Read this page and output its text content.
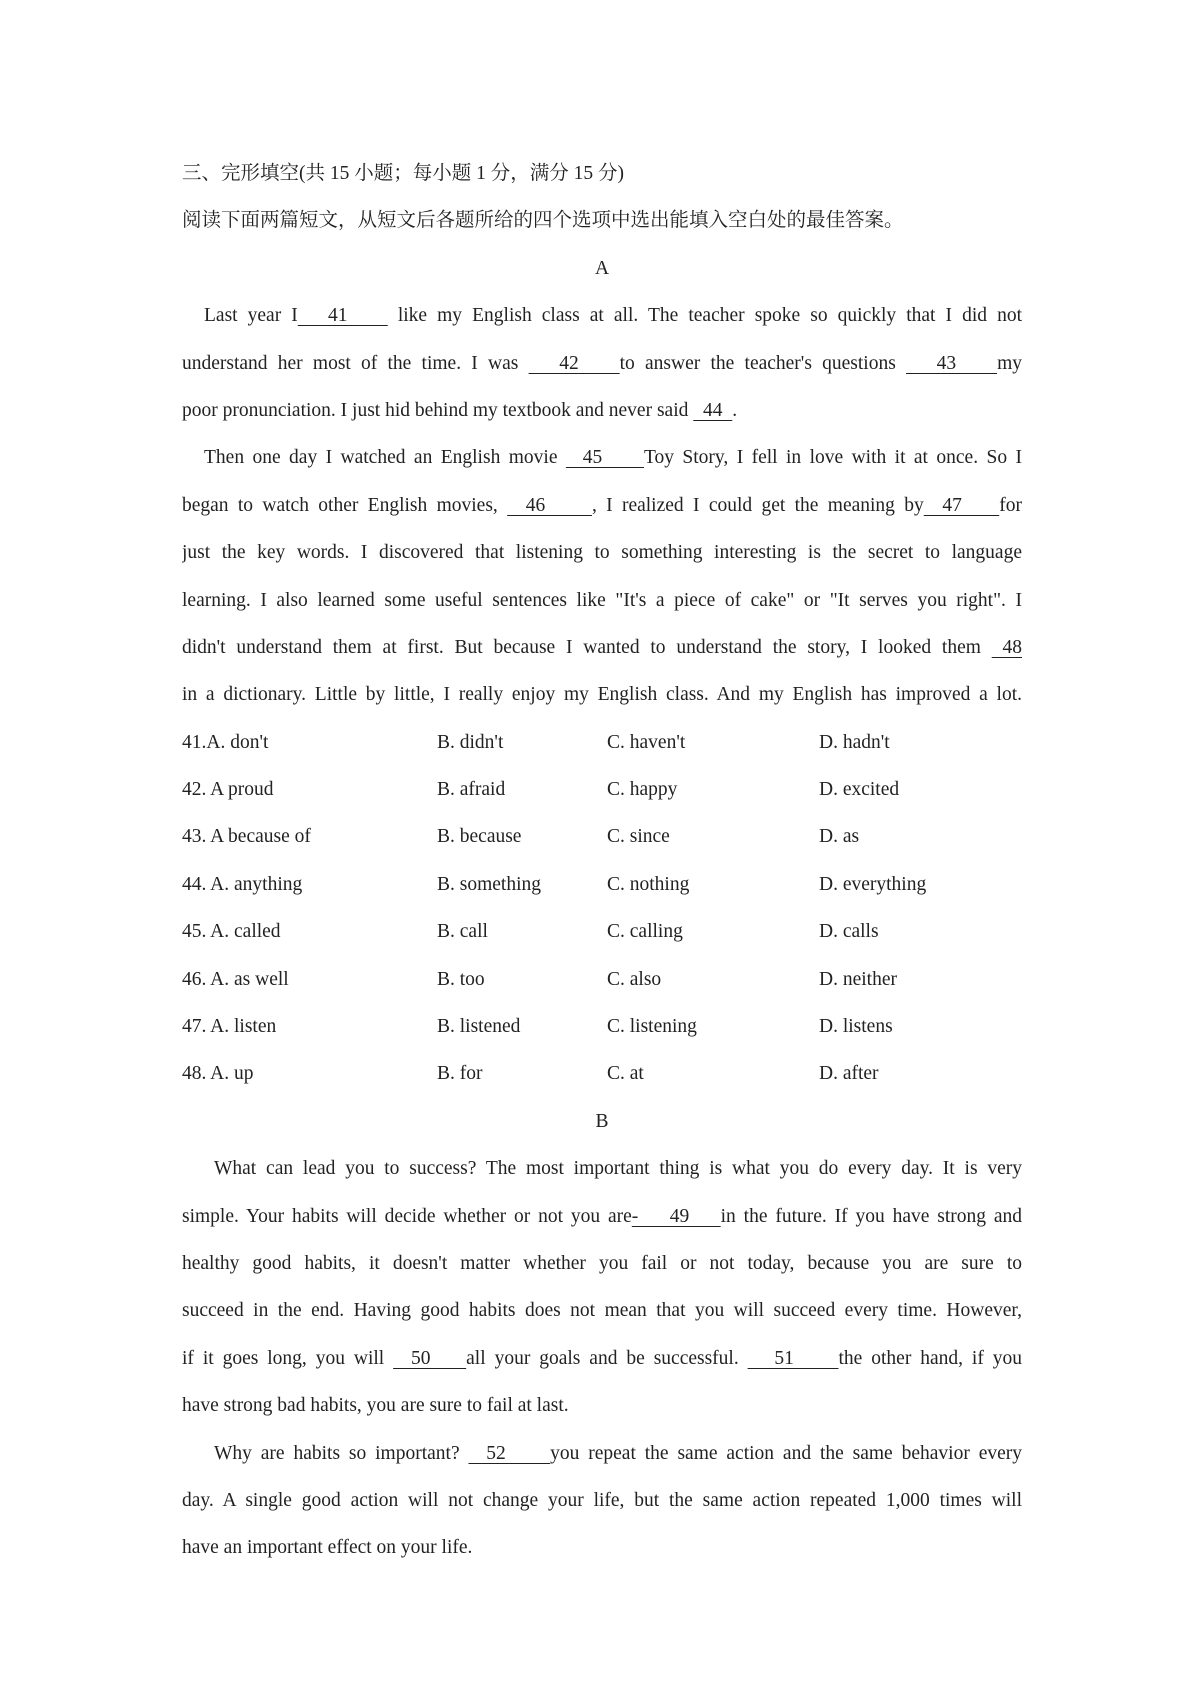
三、完形填空(共 15 小题；每小题 1 分，满分 15 分)
阅读下面两篇短文，从短文后各题所给的四个选项中选出能填入空白处的最佳答案。
A
Last year I   41     like my English class at all. The teacher spoke so quickly that I did not
understand her most of the time. I was    42    to answer the teacher's questions    43    my
poor pronunciation. I just hid behind my textbook and never said   44  .
Then one day I watched an English movie   45     Toy Story, I fell in love with it at once. So I
began to watch other English movies,   46     , I realized I could get the meaning by  47    for
just the key words. I discovered that listening to something interesting is the secret to language
learning. I also learned some useful sentences like "It's a piece of cake" or "It serves you right". I
didn't understand them at first. But because I wanted to understand the story, I looked them  48
in a dictionary. Little by little, I really enjoy my English class. And my English has improved a lot.
41.A. don't	B. didn't	C. haven't	D. hadn't
42. A proud	B. afraid	C. happy	D. excited
43. A because of	B. because	C. since	D. as
44. A. anything	B. something	C. nothing	D. everything
45. A. called	B. call	C. calling	D. calls
46. A. as well	B. too	C. also	D. neither
47. A. listen	B. listened	C. listening	D. listens
48. A. up	B. for	C. at	D. after
B
What can lead you to success? The most important thing is what you do every day. It is very
simple. Your habits will decide whether or not you are-    49    in the future. If you have strong and
healthy good habits, it doesn't matter whether you fail or not today, because you are sure to
succeed in the end. Having good habits does not mean that you will succeed every time. However,
if it goes long, you will   50    all your goals and be successful.    51     the other hand, if you
have strong bad habits, you are sure to fail at last.
Why are habits so important?   52     you repeat the same action and the same behavior every
day. A single good action will not change your life, but the same action repeated 1,000 times will
have an important effect on your life.
